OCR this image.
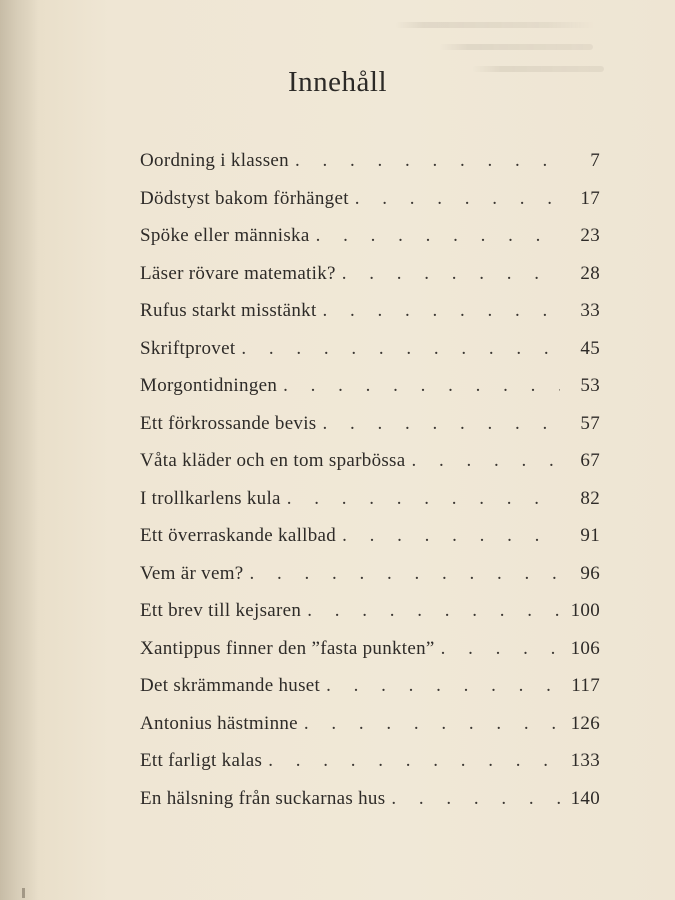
Innehåll
Oordning i klassen . . .	7
Dödstyst bakom förhänget . . .	17
Spöke eller människa . . .	23
Läser rövare matematik? . . .	28
Rufus starkt misstänkt . . .	33
Skriftprovet . . .	45
Morgontidningen . . .	53
Ett förkrossande bevis . . .	57
Våta kläder och en tom sparbössa . . .	67
I trollkarlens kula . . .	82
Ett överraskande kallbad . . .	91
Vem är vem? . . .	96
Ett brev till kejsaren . . .	100
Xantippus finner den ”fasta punkten” . . .	106
Det skrämmande huset . . .	117
Antonius hästminne . . .	126
Ett farligt kalas . . .	133
En hälsning från suckarnas hus . . .	140
